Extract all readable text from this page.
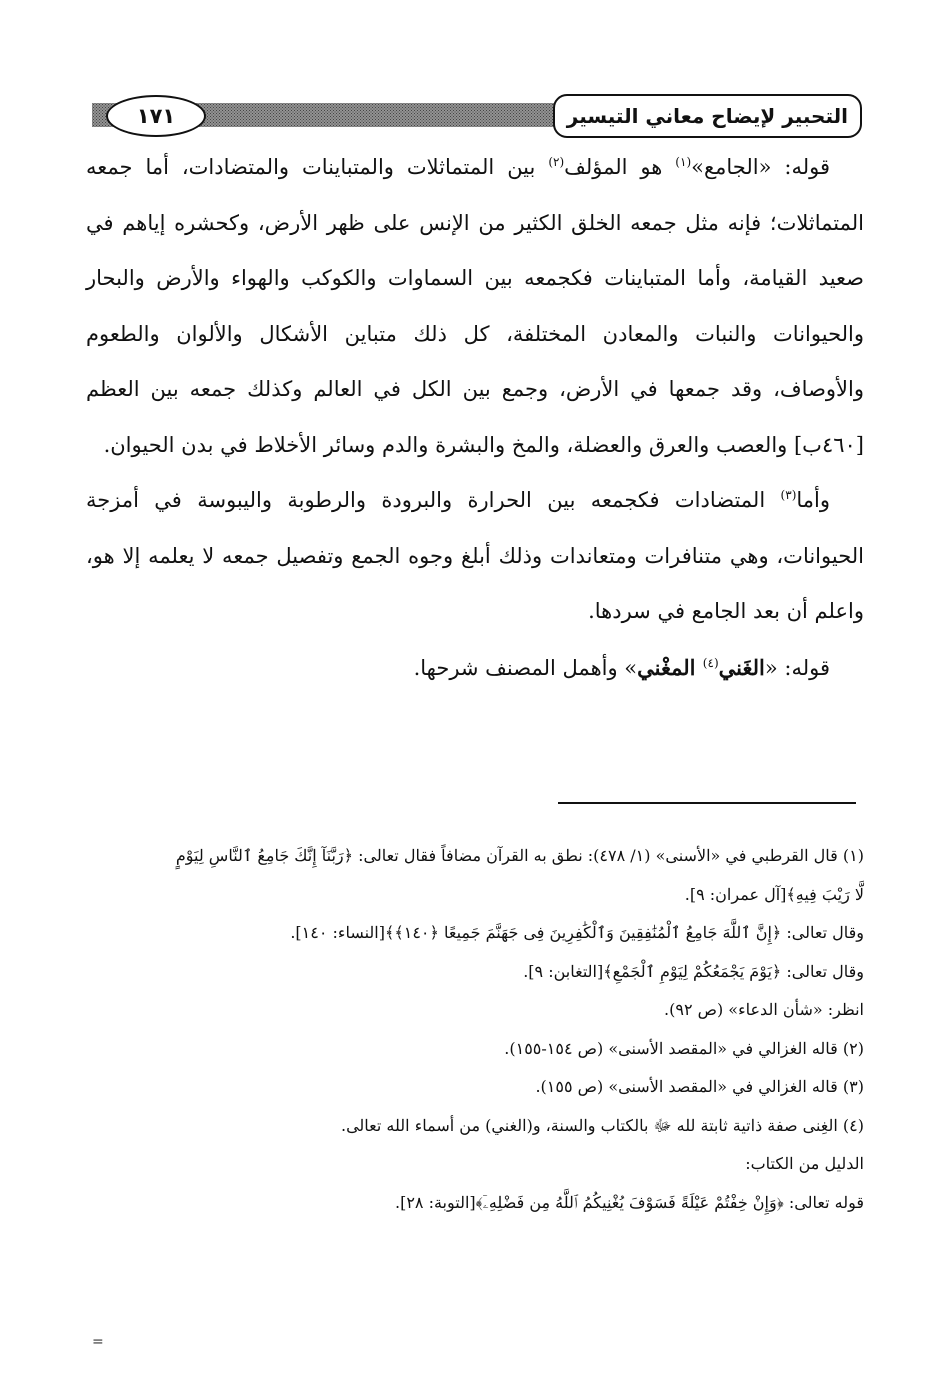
١٧١	التحبير لإيضاح معاني التيسير

قوله: «الجامع»$^{(١)}$ هو المؤلف$^{(٢)}$ بين المتماثلات والمتباينات والمتضادات، أما جمعه المتماثلات؛ فإنه مثل جمعه الخلق الكثير من الإنس على ظهر الأرض، وكحشره إياهم في صعيد القيامة، وأما المتباينات فكجمعه بين السماوات والكوكب والهواء والأرض والبحار والحيوانات والنبات والمعادن المختلفة، كل ذلك متباين الأشكال والألوان والطعوم والأوصاف، وقد جمعها في الأرض، وجمع بين الكل في العالم وكذلك جمعه بين العظم [٤٦٠ب] والعصب والعرق والعضلة، والمخ والبشرة والدم وسائر الأخلاط في بدن الحيوان.

وأما$^{(٣)}$ المتضادات فكجمعه بين الحرارة والبرودة والرطوبة واليبوسة في أمزجة الحيوانات، وهي متنافرات ومتعاندات وذلك أبلغ وجوه الجمع وتفصيل جمعه لا يعلمه إلا هو، واعلم أن بعد الجامع في سردها.

قوله: «الغَني$^{(٤)}$ المغْني» وأهمل المصنف شرحها.

(١) قال القرطبي في «الأسنى» (١/ ٤٧٨): نطق به القرآن مضافاً فقال تعالى: ﴿رَبَّنَآ إِنَّكَ جَامِعُ ٱلنَّاسِ لِيَوْمٍ

لَّا رَيْبَ فِيهِ﴾[آل عمران: ٩].

وقال تعالى: ﴿إِنَّ ٱللَّهَ جَامِعُ ٱلْمُنَٰفِقِينَ وَٱلْكَٰفِرِينَ فِى جَهَنَّمَ جَمِيعًا ﴿١٤٠﴾﴾[النساء: ١٤٠].

وقال تعالى: ﴿يَوْمَ يَجْمَعُكُمْ لِيَوْمِ ٱلْجَمْعِ﴾[التغابن: ٩].

انظر: «شأن الدعاء» (ص ٩٢).

(٢) قاله الغزالي في «المقصد الأسنى» (ص ١٥٤-١٥٥).

(٣) قاله الغزالي في «المقصد الأسنى» (ص ١٥٥).

(٤) الغِنى صفة ذاتية ثابتة لله ﷻ بالكتاب والسنة، و(الغني) من أسماء الله تعالى.

الدليل من الكتاب:

قوله تعالى: ﴿وَإِنْ خِفْتُمْ عَيْلَةً فَسَوْفَ يُغْنِيكُمُ ٱللَّهُ مِن فَضْلِهِۦٓ﴾[التوبة: ٢٨].

=
